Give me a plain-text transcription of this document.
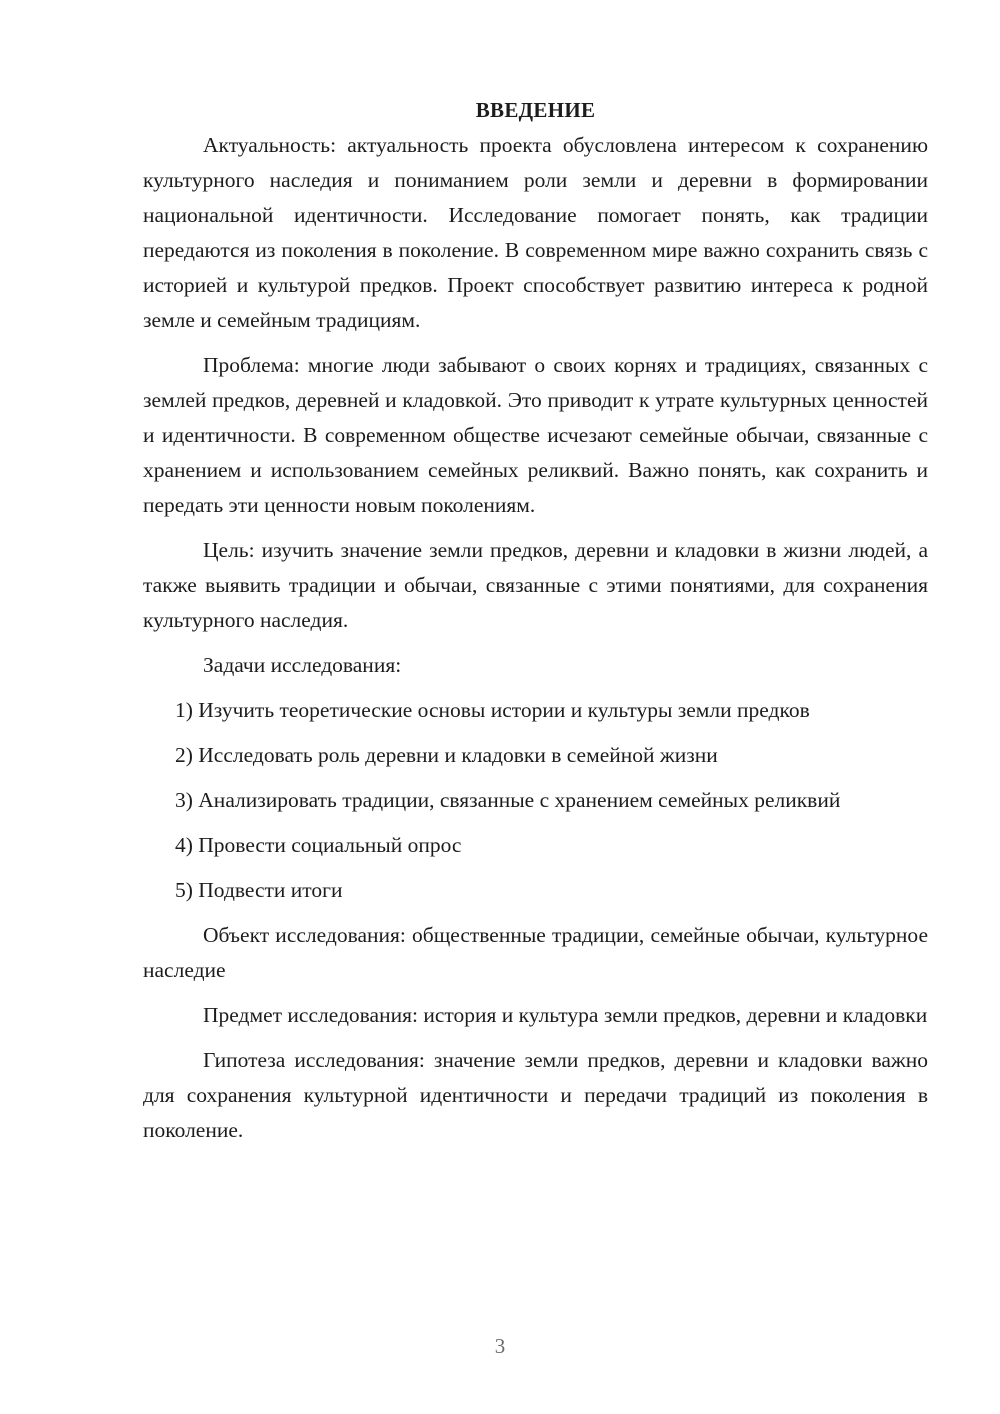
ВВЕДЕНИЕ

Актуальность: актуальность проекта обусловлена интересом к сохранению культурного наследия и пониманием роли земли и деревни в формировании национальной идентичности. Исследование помогает понять, как традиции передаются из поколения в поколение. В современном мире важно сохранить связь с историей и культурой предков. Проект способствует развитию интереса к родной земле и семейным традициям.

Проблема: многие люди забывают о своих корнях и традициях, связанных с землей предков, деревней и кладовкой. Это приводит к утрате культурных ценностей и идентичности. В современном обществе исчезают семейные обычаи, связанные с хранением и использованием семейных реликвий. Важно понять, как сохранить и передать эти ценности новым поколениям.

Цель: изучить значение земли предков, деревни и кладовки в жизни людей, а также выявить традиции и обычаи, связанные с этими понятиями, для сохранения культурного наследия.

Задачи исследования:

1) Изучить теоретические основы истории и культуры земли предков

2) Исследовать роль деревни и кладовки в семейной жизни

3) Анализировать традиции, связанные с хранением семейных реликвий

4) Провести социальный опрос

5) Подвести итоги

Объект исследования: общественные традиции, семейные обычаи, культурное наследие

Предмет исследования: история и культура земли предков, деревни и кладовки

Гипотеза исследования: значение земли предков, деревни и кладовки важно для сохранения культурной идентичности и передачи традиций из поколения в поколение.

3
